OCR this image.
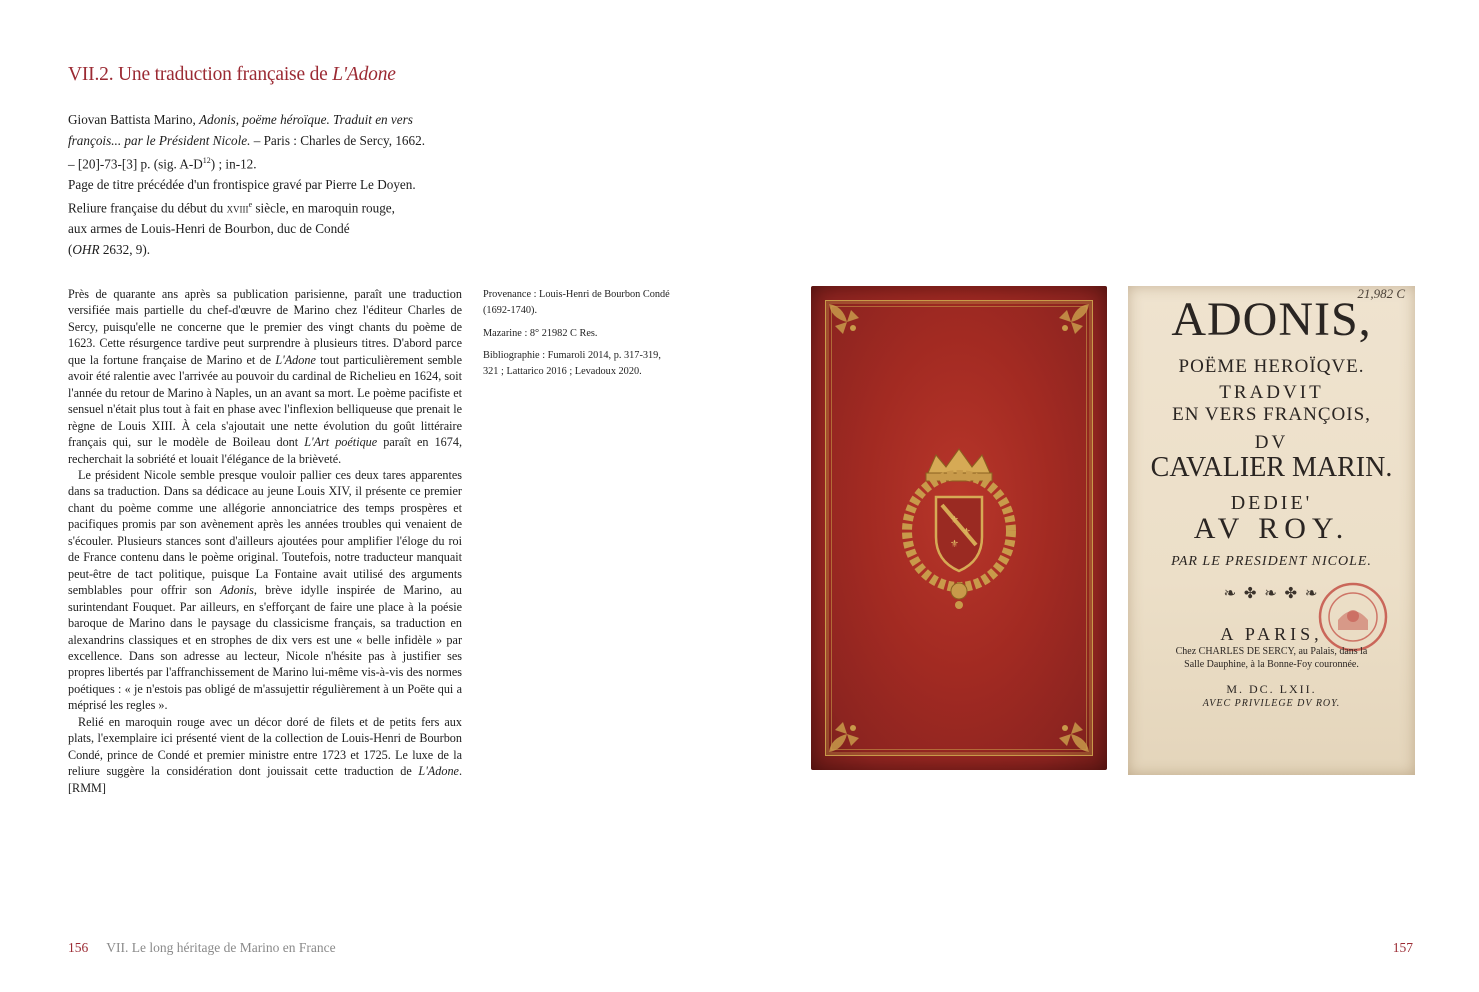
VII.2. Une traduction française de L'Adone

Giovan Battista Marino, Adonis, poëme héroïque. Traduit en vers

françois... par le Président Nicole. – Paris : Charles de Sercy, 1662.

– [20]-73-[3] p. (sig. $A-D^{12}$) ; in-12.

Page de titre précédée d'un frontispice gravé par Pierre Le Doyen.

Reliure française du début du xviii$^e$ siècle, en maroquin rouge,

aux armes de Louis-Henri de Bourbon, duc de Condé

(OHR 2632, 9).

Près de quarante ans après sa publication parisienne, paraît une traduction versifiée mais partielle du chef-d'œuvre de Marino chez l'éditeur Charles de Sercy, puisqu'elle ne concerne que le premier des vingt chants du poème de 1623. Cette résurgence tardive peut surprendre à plusieurs titres. D'abord parce que la fortune française de Marino et de L'Adone tout particulièrement semble avoir été ralentie avec l'arrivée au pouvoir du cardinal de Richelieu en 1624, soit l'année du retour de Marino à Naples, un an avant sa mort. Le poème pacifiste et sensuel n'était plus tout à fait en phase avec l'inflexion belliqueuse que prenait le règne de Louis XIII. À cela s'ajoutait une nette évolution du goût littéraire français qui, sur le modèle de Boileau dont L'Art poétique paraît en 1674, recherchait la sobriété et louait l'élégance de la brièveté.

Le président Nicole semble presque vouloir pallier ces deux tares apparentes dans sa traduction. Dans sa dédicace au jeune Louis XIV, il présente ce premier chant du poème comme une allégorie annonciatrice des temps prospères et pacifiques promis par son avènement après les années troubles qui venaient de s'écouler. Plusieurs stances sont d'ailleurs ajoutées pour amplifier l'éloge du roi de France contenu dans le poème original. Toutefois, notre traducteur manquait peut-être de tact politique, puisque La Fontaine avait utilisé des arguments semblables pour offrir son Adonis, brève idylle inspirée de Marino, au surintendant Fouquet. Par ailleurs, en s'efforçant de faire une place à la poésie baroque de Marino dans le paysage du classicisme français, sa traduction en alexandrins classiques et en strophes de dix vers est une « belle infidèle » par excellence. Dans son adresse au lecteur, Nicole n'hésite pas à justifier ses propres libertés par l'affranchissement de Marino lui-même vis-à-vis des normes poétiques : « je n'estois pas obligé de m'assujettir régulièrement à un Poëte qui a méprisé les regles ».

Relié en maroquin rouge avec un décor doré de filets et de petits fers aux plats, l'exemplaire ici présenté vient de la collection de Louis-Henri de Bourbon Condé, prince de Condé et premier ministre entre 1723 et 1725. Le luxe de la reliure suggère la considération dont jouissait cette traduction de L'Adone. [RMM]

Provenance : Louis-Henri de Bourbon Condé (1692-1740).

Mazarine : 8° 21982 C Res.

Bibliographie : Fumaroli 2014, p. 317-319, 321 ; Lattarico 2016 ; Levadoux 2020.

156 VII. Le long héritage de Marino en France
⚜
⚜
⚜
21,982 C
ADONIS,
POËME HEROÏQVE.
TRADVIT
EN VERS FRANÇOIS,
DV
CAVALIER MARIN.
DEDIE'
AV ROY.
PAR LE PRESIDENT NICOLE.
❧ ✤ ❧ ✤ ❧
A PARIS,
Chez CHARLES DE SERCY, au Palais, dans la
Salle Dauphine, à la Bonne-Foy couronnée.
M. DC. LXII.
AVEC PRIVILEGE DV ROY.
157
